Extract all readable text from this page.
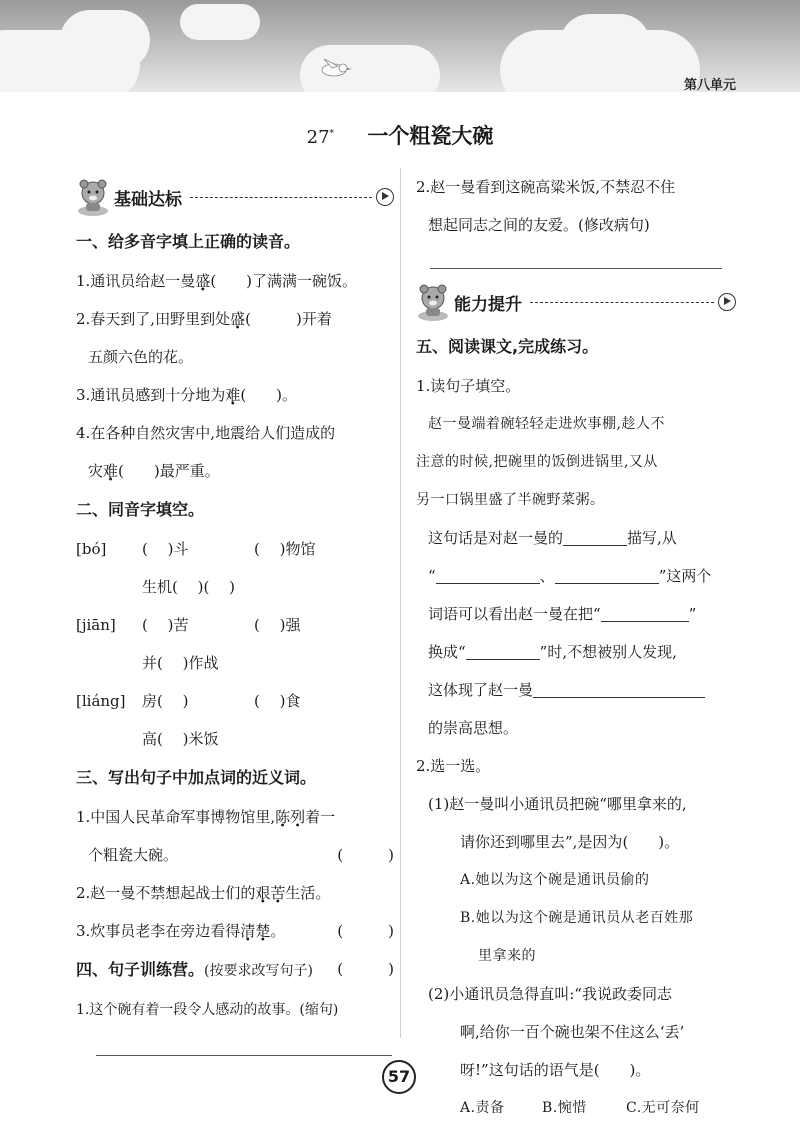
第八单元
27* 一个粗瓷大碗
基础达标
一、给多音字填上正确的读音。
1.通讯员给赵一曼盛(　　)了满满一碗饭。
2.春天到了,田野里到处盛(　　　)开着
五颜六色的花。
3.通讯员感到十分地为难(　　)。
4.在各种自然灾害中,地震给人们造成的
灾难(　　)最严重。
二、同音字填空。
[bó] (　 )斗	(　 )物馆
生机(　 )(　 )
[jiān] (　 )苦	(　 )强
并(　 )作战
[liáng] 房(　 )	(　 )食
高(　 )米饭
三、写出句子中加点词的近义词。
1.中国人民革命军事博物馆里,陈列着一
个粗瓷大碗。	(　　　)
2.赵一曼不禁想起战士们的艰苦生活。
(　　　)
3.炊事员老李在旁边看得清楚。
(　　　)
四、句子训练营。(按要求改写句子)
1.这个碗有着一段令人感动的故事。(缩句)
2.赵一曼看到这碗高粱米饭,不禁忍不住
想起同志之间的友爱。(修改病句)
能力提升
五、阅读课文,完成练习。
1.读句子填空。
赵一曼端着碗轻轻走进炊事棚,趁人不
注意的时候,把碗里的饭倒进锅里,又从
另一口锅里盛了半碗野菜粥。
这句话是对赵一曼的	描写,从
“	、	”这两个
词语可以看出赵一曼在把“	”
换成“	”时,不想被别人发现,
这体现了赵一曼
的崇高思想。
2.选一选。
(1)赵一曼叫小通讯员把碗“哪里拿来的,
请你还到哪里去”,是因为(　　)。
A.她以为这个碗是通讯员偷的
B.她以为这个碗是通讯员从老百姓那
里拿来的
(2)小通讯员急得直叫:“我说政委同志
啊,给你一百个碗也架不住这么‘丢’
呀!”这句话的语气是(　　)。
A.责备	B.惋惜	C.无可奈何
57
